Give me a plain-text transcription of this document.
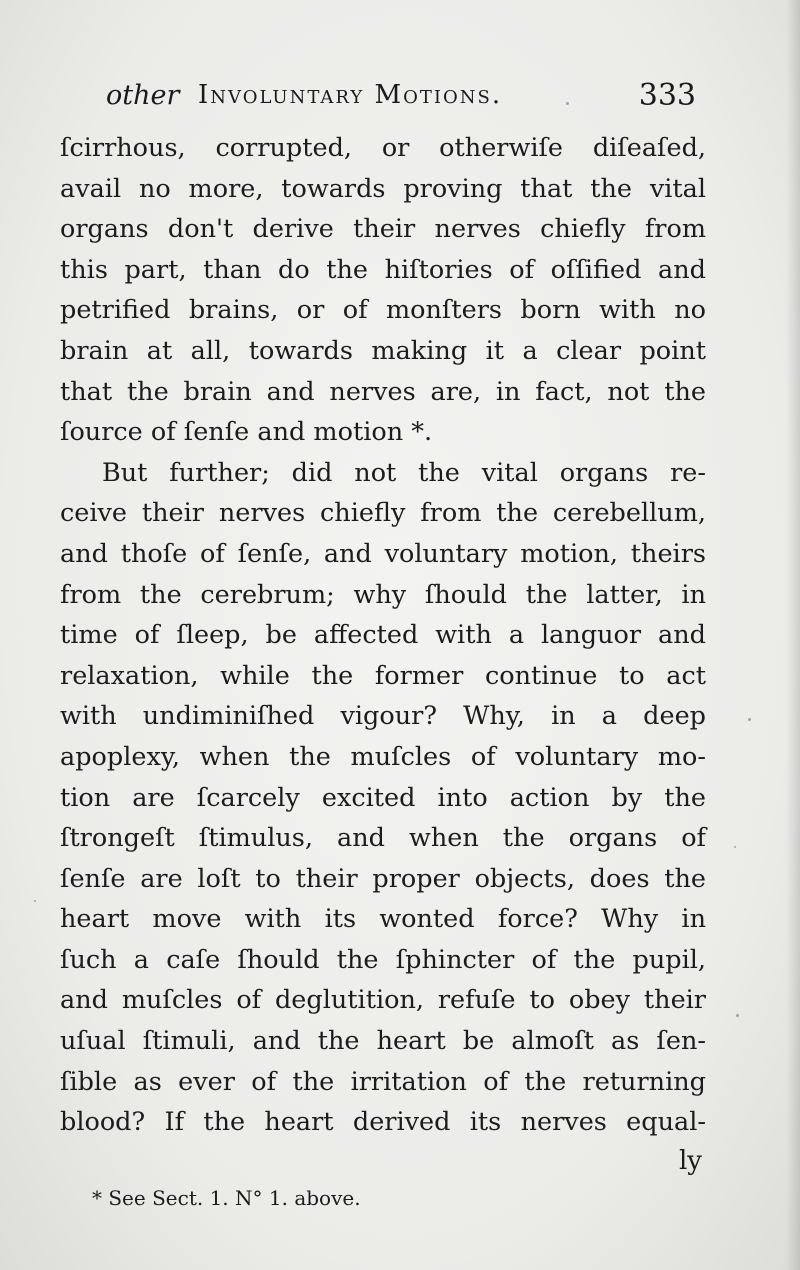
other Involuntary Motions.	333
ſcirrhous, corrupted, or otherwiſe diſeaſed,
avail no more, towards proving that the vital
organs don't derive their nerves chiefly from
this part, than do the hiſtories of oſſified and
petrified brains, or of monſters born with no
brain at all, towards making it a clear point
that the brain and nerves are, in fact, not the
ſource of ſenſe and motion *.
But further; did not the vital organs re-
ceive their nerves chiefly from the cerebellum,
and thoſe of ſenſe, and voluntary motion, theirs
from the cerebrum; why ſhould the latter, in
time of ſleep, be affected with a languor and
relaxation, while the former continue to act
with undiminiſhed vigour? Why, in a deep
apoplexy, when the muſcles of voluntary mo-
tion are ſcarcely excited into action by the
ſtrongeſt ſtimulus, and when the organs of
ſenſe are loſt to their proper objects, does the
heart move with its wonted force? Why in
ſuch a caſe ſhould the ſphincter of the pupil,
and muſcles of deglutition, refuſe to obey their
uſual ſtimuli, and the heart be almoſt as ſen-
ſible as ever of the irritation of the returning
blood? If the heart derived its nerves equal-
ly
* See Sect. 1. N° 1. above.
